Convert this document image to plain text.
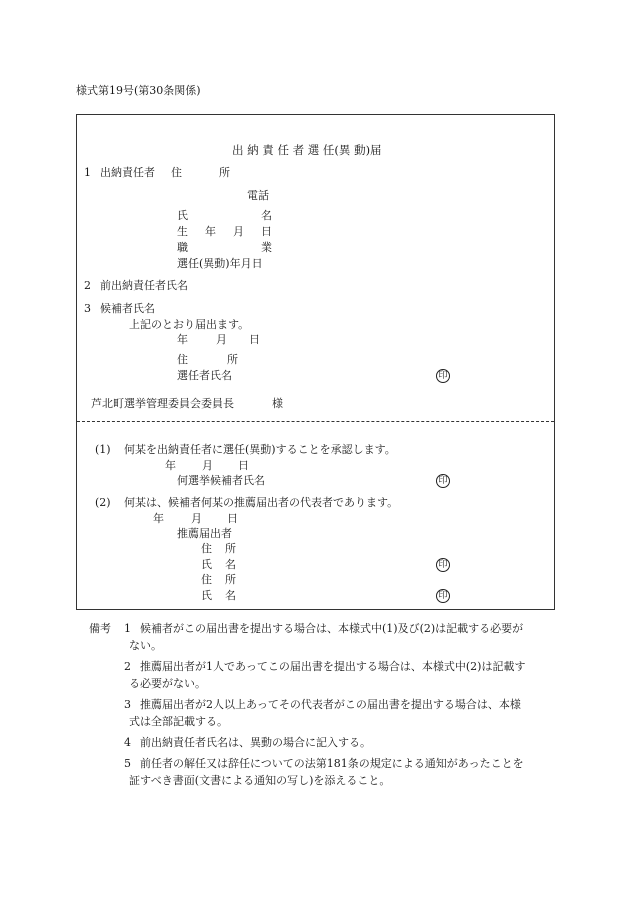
様式第19号(第30条関係)
出 納 責 任 者 選 任(異 動)届
1 出納責任者 住	所
電話
氏	名
生 年 月 日
職	業
選任(異動)年月日
2 前出納責任者氏名
3 候補者氏名
上記のとおり届出ます。
年	月 日
住	所
選任者氏名	印
芦北町選挙管理委員会委員長	様
(1) 何某を出納責任者に選任(異動)することを承認します。
年 月 日
何選挙候補者氏名	印
(2) 何某は、候補者何某の推薦届出者の代表者であります。
年 月 日
推薦届出者
住 所
氏 名	印
住 所
氏 名	印
備考 1 候補者がこの届出書を提出する場合は、本様式中(1)及び(2)は記載する必要が
ない。
2 推薦届出者が1人であってこの届出書を提出する場合は、本様式中(2)は記載す
る必要がない。
3 推薦届出者が2人以上あってその代表者がこの届出書を提出する場合は、本様
式は全部記載する。
4 前出納責任者氏名は、異動の場合に記入する。
5 前任者の解任又は辞任についての法第181条の規定による通知があったことを
証すべき書面(文書による通知の写し)を添えること。
